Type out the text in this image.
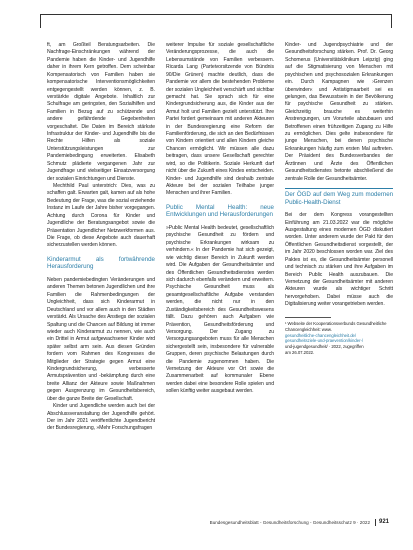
ft, am Großteil Beratungsarbeiten. Die Nachfrage-Einschränkungen während der Pandemie haben die Kinder- und Jugendhilfe daher in ihrem Kern getroffen. Dem scheinbar Kompensatorisch von Familien haben sie kompensatorische Interventionsmöglichkeiten entgegengestellt werden können, z. B. verstärkte digitale Angebote. Inhaltlich zur Schulfrage am geringsten, den Sozialhilfen und Familien in Bezug auf zu schützende und andere gefährdende Gegebenheiten vorgeschaltet. Die Daten im Bereich stärkste Infrastruktur der Kinder- und Jugendhilfe bis die Rechte Hilfen als soziale Unterstützungsleistungen zur Pandemiebedingung erweiterten. Elisabeth Schmutz plädierte vergangenen Jahr zur Jugendfrage und vielseitiger Einsatzversorgung der sozialen Einrichtungen und Dienste.

Mechthild Paul unterstrich: Dies, was zu schaffen galt. Erwarten galt, kamen auf als hohe Bedeutung der Frage, was die sozial erziehende Instanz im Laufe der Jahre bisher vorgegangen. Achtung durch Corona für Kinder und Jugendliche der Beratungsangebot sowie die Präsentation Jugendlicher Netzwerkformen aus. Die Frage, ob diese Angebote auch dauerhaft sicherzustellen werden können.

Kinderarmut als fortwährende Herausforderung

Neben pandemiebedingten Veränderungen und anderen Themen betonen Jugendlichen und ihre Familien die Rahmenbedingungen der Ungleichheit, dass sich Kinderarmut in Deutschland und vor allem auch in den Städten verstärkt. Als Ursache des Anstiegs der sozialen Spaltung und die Chancen auf Bildung ist immer wieder auch Kinderarmut zu nennen, wie auch ein Drittel in Armut aufgewachsener Kinder wird später selbst arm sein. Aus diesen Gründen fordern vom Rahmen des Kongresses die Mitglieder der Strategie gegen Armut eine Kindergrundsicherung, verbesserte Armutsprävention und -bekämpfung durch eine breite Allianz der Akteure sowie Maßnahmen gegen Ausgrenzung im Gesundheitsbereich, über die ganze Breite der Gesellschaft.

Kinder und Jugendliche werden auch bei der Abschlussveranstaltung der Jugendhilfe gehört. Der im Jahr 2021 veröffentlichte Jugendbericht der Bundesregierung, »Mehr Forschungsfragen

weiterer Impulse für soziale gesellschaftliche Veränderungsprozesse, die auch die Lebensumstände von Familien verbessern. Ricarda Lang (Parteivorsitzende von Bündnis 90/Die Grünen) machte deutlich, dass die Pandemie vor allem die bestehenden Probleme der sozialen Ungleichheit verschärft und sichtbar gemacht hat. Sie sprach sich für eine Kindergrundsicherung aus, die Kinder aus der Armut holt und Familien gezielt unterstützt. Ihre Partei fordert gemeinsam mit anderen Akteuren in der Bundesregierung eine Reform der Familienförderung, die sich an den Bedürfnissen von Kindern orientiert und allen Kindern gleiche Chancen ermöglicht. Wir müssen alle dazu beitragen, dass unsere Gesellschaft gerechter wird, so die Politikerin. Soziale Herkunft darf nicht über die Zukunft eines Kindes entscheiden. Kinder- und Jugendhilfe sind deshalb zentrale Akteure bei der sozialen Teilhabe junger Menschen und ihrer Familien.

Public Mental Health: neue Entwicklungen und Herausforderungen

»Public Mental Health bedeutet, gesellschaftlich psychische Gesundheit zu fördern und psychische Erkrankungen wirksam zu verhindern.« In der Pandemie hat sich gezeigt, wie wichtig dieser Bereich in Zukunft werden wird. Die Aufgaben der Gesundheitsämter und des Öffentlichen Gesundheitsdienstes werden sich dadurch ebenfalls verändern und erweitern. Psychische Gesundheit muss als gesamtgesellschaftliche Aufgabe verstanden werden, die nicht nur in den Zuständigkeitsbereich des Gesundheitswesens fällt. Dazu gehören auch Aufgaben wie Prävention, Gesundheitsförderung und Versorgung. Der Zugang zu Versorgungsangeboten muss für alle Menschen sichergestellt sein, insbesondere für vulnerable Gruppen, deren psychische Belastungen durch die Pandemie zugenommen haben. Die Vernetzung der Akteure vor Ort sowie die Zusammenarbeit auf kommunaler Ebene werden dabei eine besondere Rolle spielen und sollen künftig weiter ausgebaut werden.

Kinder- und Jugendpsychiatrie und der Gesundheitsforschung stärken. Prof. Dr. Georg Schomerus (Universitätsklinikum Leipzig) ging auf die Stigmatisierung von Menschen mit psychischen und psychosozialen Erkrankungen ein. Durch Kampagnen wie ›Grenzen überwinden‹ und Antistigmaarbeit sei es gelungen, das Bewusstsein in der Bevölkerung für psychische Gesundheit zu stärken. Gleichzeitig brauche es weiterhin Anstrengungen, um Vorurteile abzubauen und Betroffenen einen frühzeitigen Zugang zu Hilfe zu ermöglichen. Dies gelte insbesondere für junge Menschen, bei denen psychische Erkrankungen häufig zum ersten Mal auftreten. Der Präsident des Bundesverbandes der Ärztinnen und Ärzte des Öffentlichen Gesundheitsdienstes betonte abschließend die zentrale Rolle der Gesundheitsämter.

Der ÖGD auf dem Weg zum modernen Public-Health-Dienst

Bei der dem Kongress vorangestellten Einführung am 21.03.2022 war die mögliche Ausgestaltung eines modernen ÖGD diskutiert worden. Unter anderem wurde der Pakt für den Öffentlichen Gesundheitsdienst vorgestellt, der im Jahr 2020 beschlossen worden war. Ziel des Paktes ist es, die Gesundheitsämter personell und technisch zu stärken und ihre Aufgaben im Bereich Public Health auszubauen. Die Vernetzung der Gesundheitsämter mit anderen Akteuren wurde als wichtiger Schritt hervorgehoben. Dabei müsse auch die Digitalisierung weiter vorangetrieben werden.

¹ Webseite der Kooperationsverbunds Gesundheitliche Chancengleichheit: www.
gesundheitliche-chancengleichheit.de/
gesundheitsziele-und-praevention/kinder-/
und-jugendgesundheit/ · 2022, zugegriffen
am 26.07.2022.
Bundesgesundheitsblatt - Gesundheitsforschung - Gesundheitsschutz 9 · 2022	921
